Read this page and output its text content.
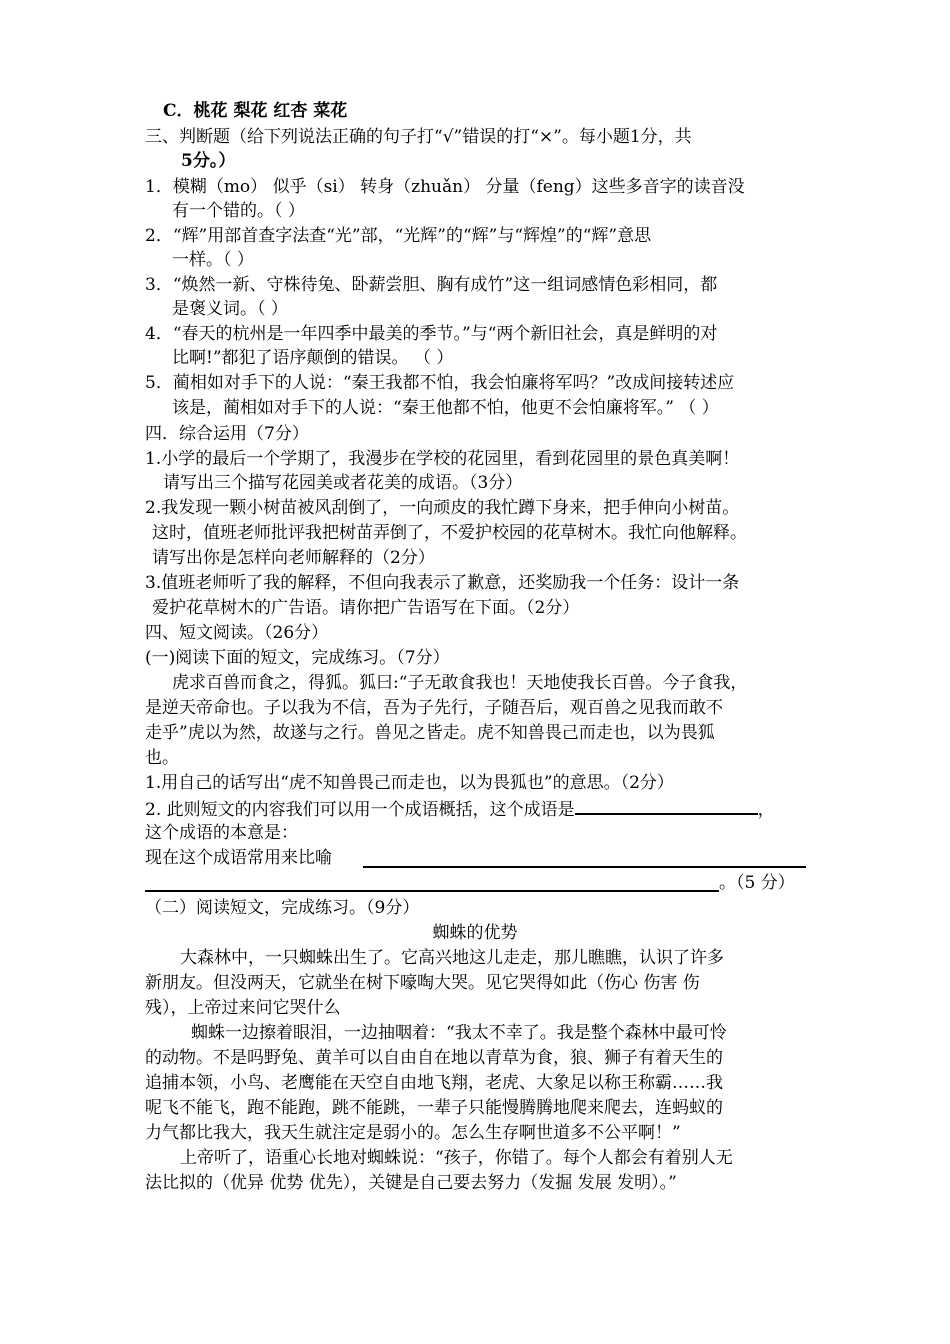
C．桃花 梨花 红杏 菜花
三、判断题（给下列说法正确的句子打“√”错误的打“×”。每小题1分，共
5分。）
1．模糊（mo） 似乎（si） 转身（zhuǎn） 分量（feng）这些多音字的读音没
有一个错的。（ ）
2．“辉”用部首查字法查“光”部，“光辉”的“辉”与“辉煌”的“辉”意思
一样。（ ）
3．“焕然一新、守株待兔、卧薪尝胆、胸有成竹”这一组词感情色彩相同，都
是褒义词。（ ）
4．“春天的杭州是一年四季中最美的季节。”与“两个新旧社会，真是鲜明的对
比啊!”都犯了语序颠倒的错误。 （ ）
5．蔺相如对手下的人说：“秦王我都不怕，我会怕廉将军吗？”改成间接转述应
该是，蔺相如对手下的人说：“秦王他都不怕，他更不会怕廉将军。” （ ）
四．综合运用（7分）
1.小学的最后一个学期了，我漫步在学校的花园里，看到花园里的景色真美啊！
请写出三个描写花园美或者花美的成语。（3分）
2.我发现一颗小树苗被风刮倒了，一向顽皮的我忙蹲下身来，把手伸向小树苗。
这时，值班老师批评我把树苗弄倒了，不爱护校园的花草树木。我忙向他解释。
请写出你是怎样向老师解释的（2分）
3.值班老师听了我的解释，不但向我表示了歉意，还奖励我一个任务：设计一条
爱护花草树木的广告语。请你把广告语写在下面。（2分）
四、短文阅读。（26分）
(一)阅读下面的短文，完成练习。（7分）
虎求百兽而食之，得狐。狐曰:“子无敢食我也！天地使我长百兽。今子食我，
是逆天帝命也。子以我为不信，吾为子先行，子随吾后，观百兽之见我而敢不
走乎”虎以为然，故遂与之行。兽见之皆走。虎不知兽畏己而走也，以为畏狐
也。
1.用自己的话写出“虎不知兽畏己而走也，以为畏狐也”的意思。（2分）
2. 此则短文的内容我们可以用一个成语概括，这个成语是	，
这个成语的本意是：
现在这个成语常用来比喻
。（5 分）
（二）阅读短文，完成练习。（9分）
蜘蛛的优势
大森林中，一只蜘蛛出生了。它高兴地这儿走走，那儿瞧瞧，认识了许多
新朋友。但没两天，它就坐在树下嚎啕大哭。见它哭得如此（伤心 伤害 伤
残），上帝过来问它哭什么
蜘蛛一边擦着眼泪，一边抽咽着：“我太不幸了。我是整个森林中最可怜
的动物。不是吗野兔、黄羊可以自由自在地以青草为食，狼、狮子有着天生的
追捕本领，小鸟、老鹰能在天空自由地飞翔，老虎、大象足以称王称霸……我
呢飞不能飞，跑不能跑，跳不能跳，一辈子只能慢腾腾地爬来爬去，连蚂蚁的
力气都比我大，我天生就注定是弱小的。怎么生存啊世道多不公平啊！”
上帝听了，语重心长地对蜘蛛说：“孩子，你错了。每个人都会有着别人无
法比拟的（优异 优势 优先），关键是自己要去努力（发掘 发展 发明）。”
